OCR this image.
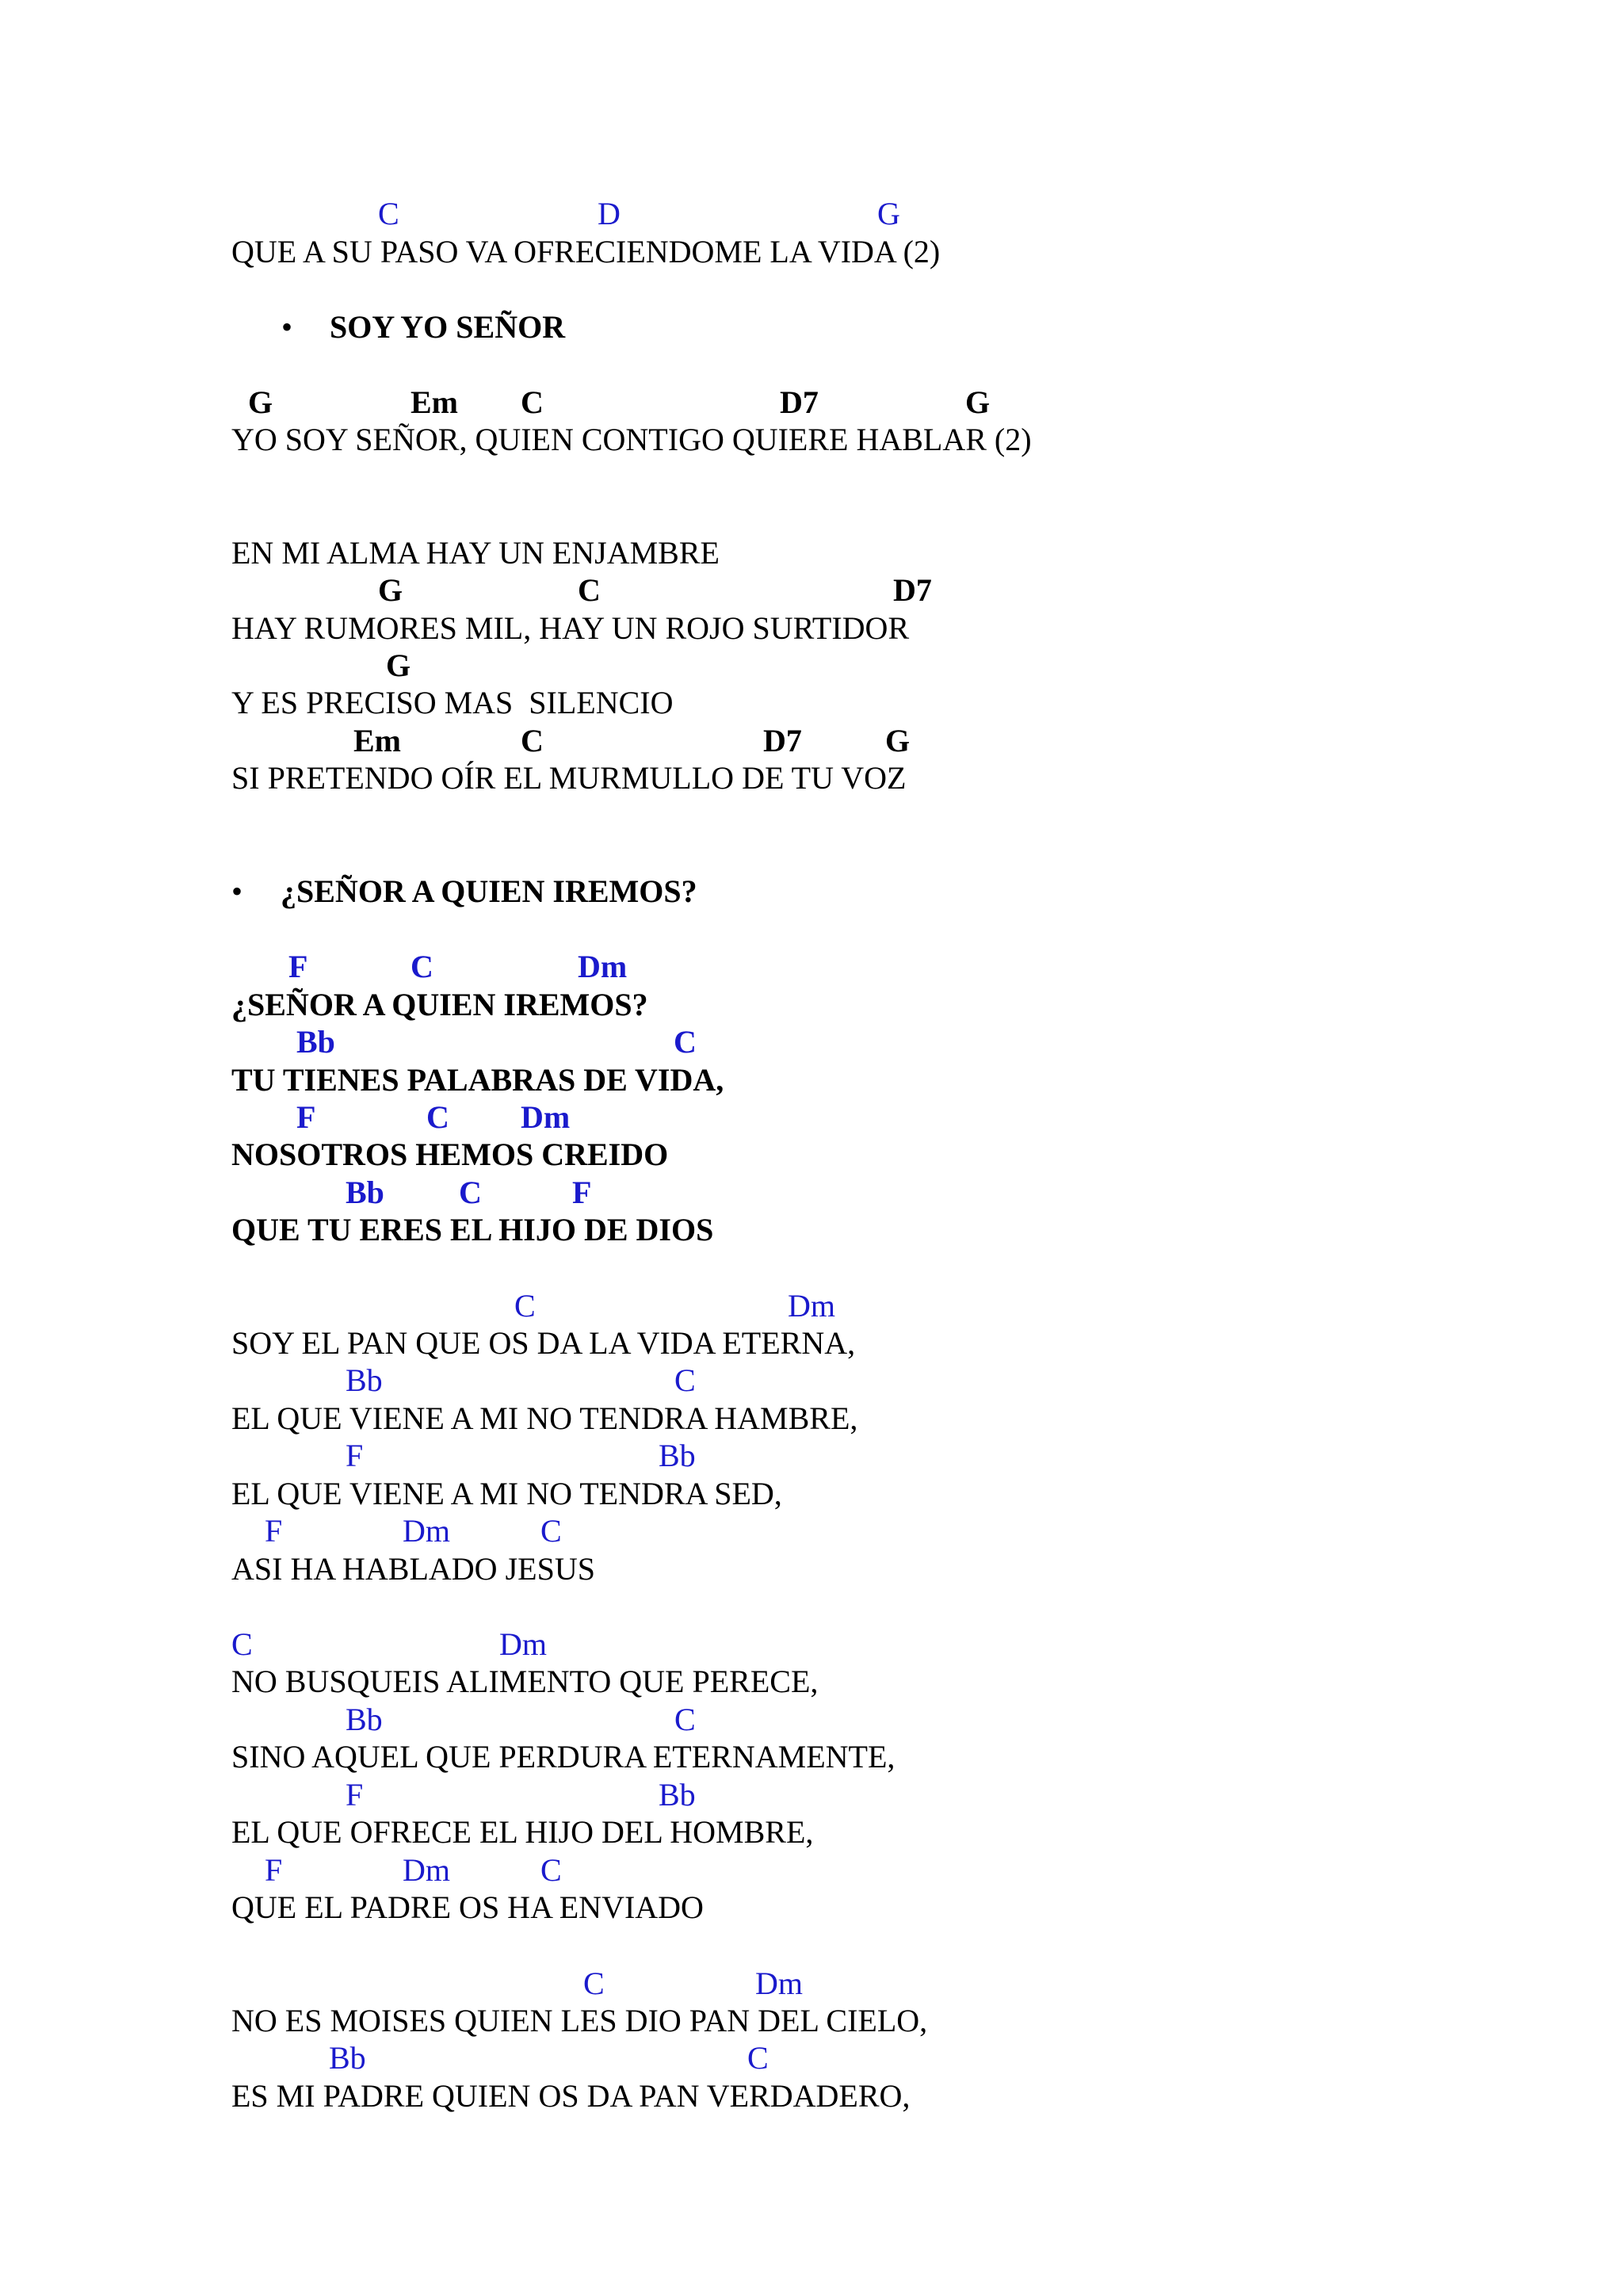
C	D	G
QUE A SU PASO VA OFRECIENDOME LA VIDA (2)
• SOY YO SEÑOR
G	Em C	D7	G
YO SOY SEÑOR, QUIEN CONTIGO QUIERE HABLAR (2)
EN MI ALMA HAY UN ENJAMBRE
G	C	D7
HAY RUMORES MIL, HAY UN ROJO SURTIDOR
G
Y ES PRECISO MAS  SILENCIO
Em	C	D7	G
SI PRETENDO OÍR EL MURMULLO DE TU VOZ
• ¿SEÑOR A QUIEN IREMOS?
F	C	Dm
¿SEÑOR A QUIEN IREMOS?
Bb	C
TU TIENES PALABRAS DE VIDA,
F	C Dm
NOSOTROS HEMOS CREIDO
Bb C	F
QUE TU ERES EL HIJO DE DIOS
C	Dm
SOY EL PAN QUE OS DA LA VIDA ETERNA,
Bb	C
EL QUE VIENE A MI NO TENDRA HAMBRE,
F	Bb
EL QUE VIENE A MI NO TENDRA SED,
F	Dm	C
ASI HA HABLADO JESUS
C	Dm
NO BUSQUEIS ALIMENTO QUE PERECE,
Bb	C
SINO AQUEL QUE PERDURA ETERNAMENTE,
F	Bb
EL QUE OFRECE EL HIJO DEL HOMBRE,
F	Dm	C
QUE EL PADRE OS HA ENVIADO
C	Dm
NO ES MOISES QUIEN LES DIO PAN DEL CIELO,
Bb	C
ES MI PADRE QUIEN OS DA PAN VERDADERO,
